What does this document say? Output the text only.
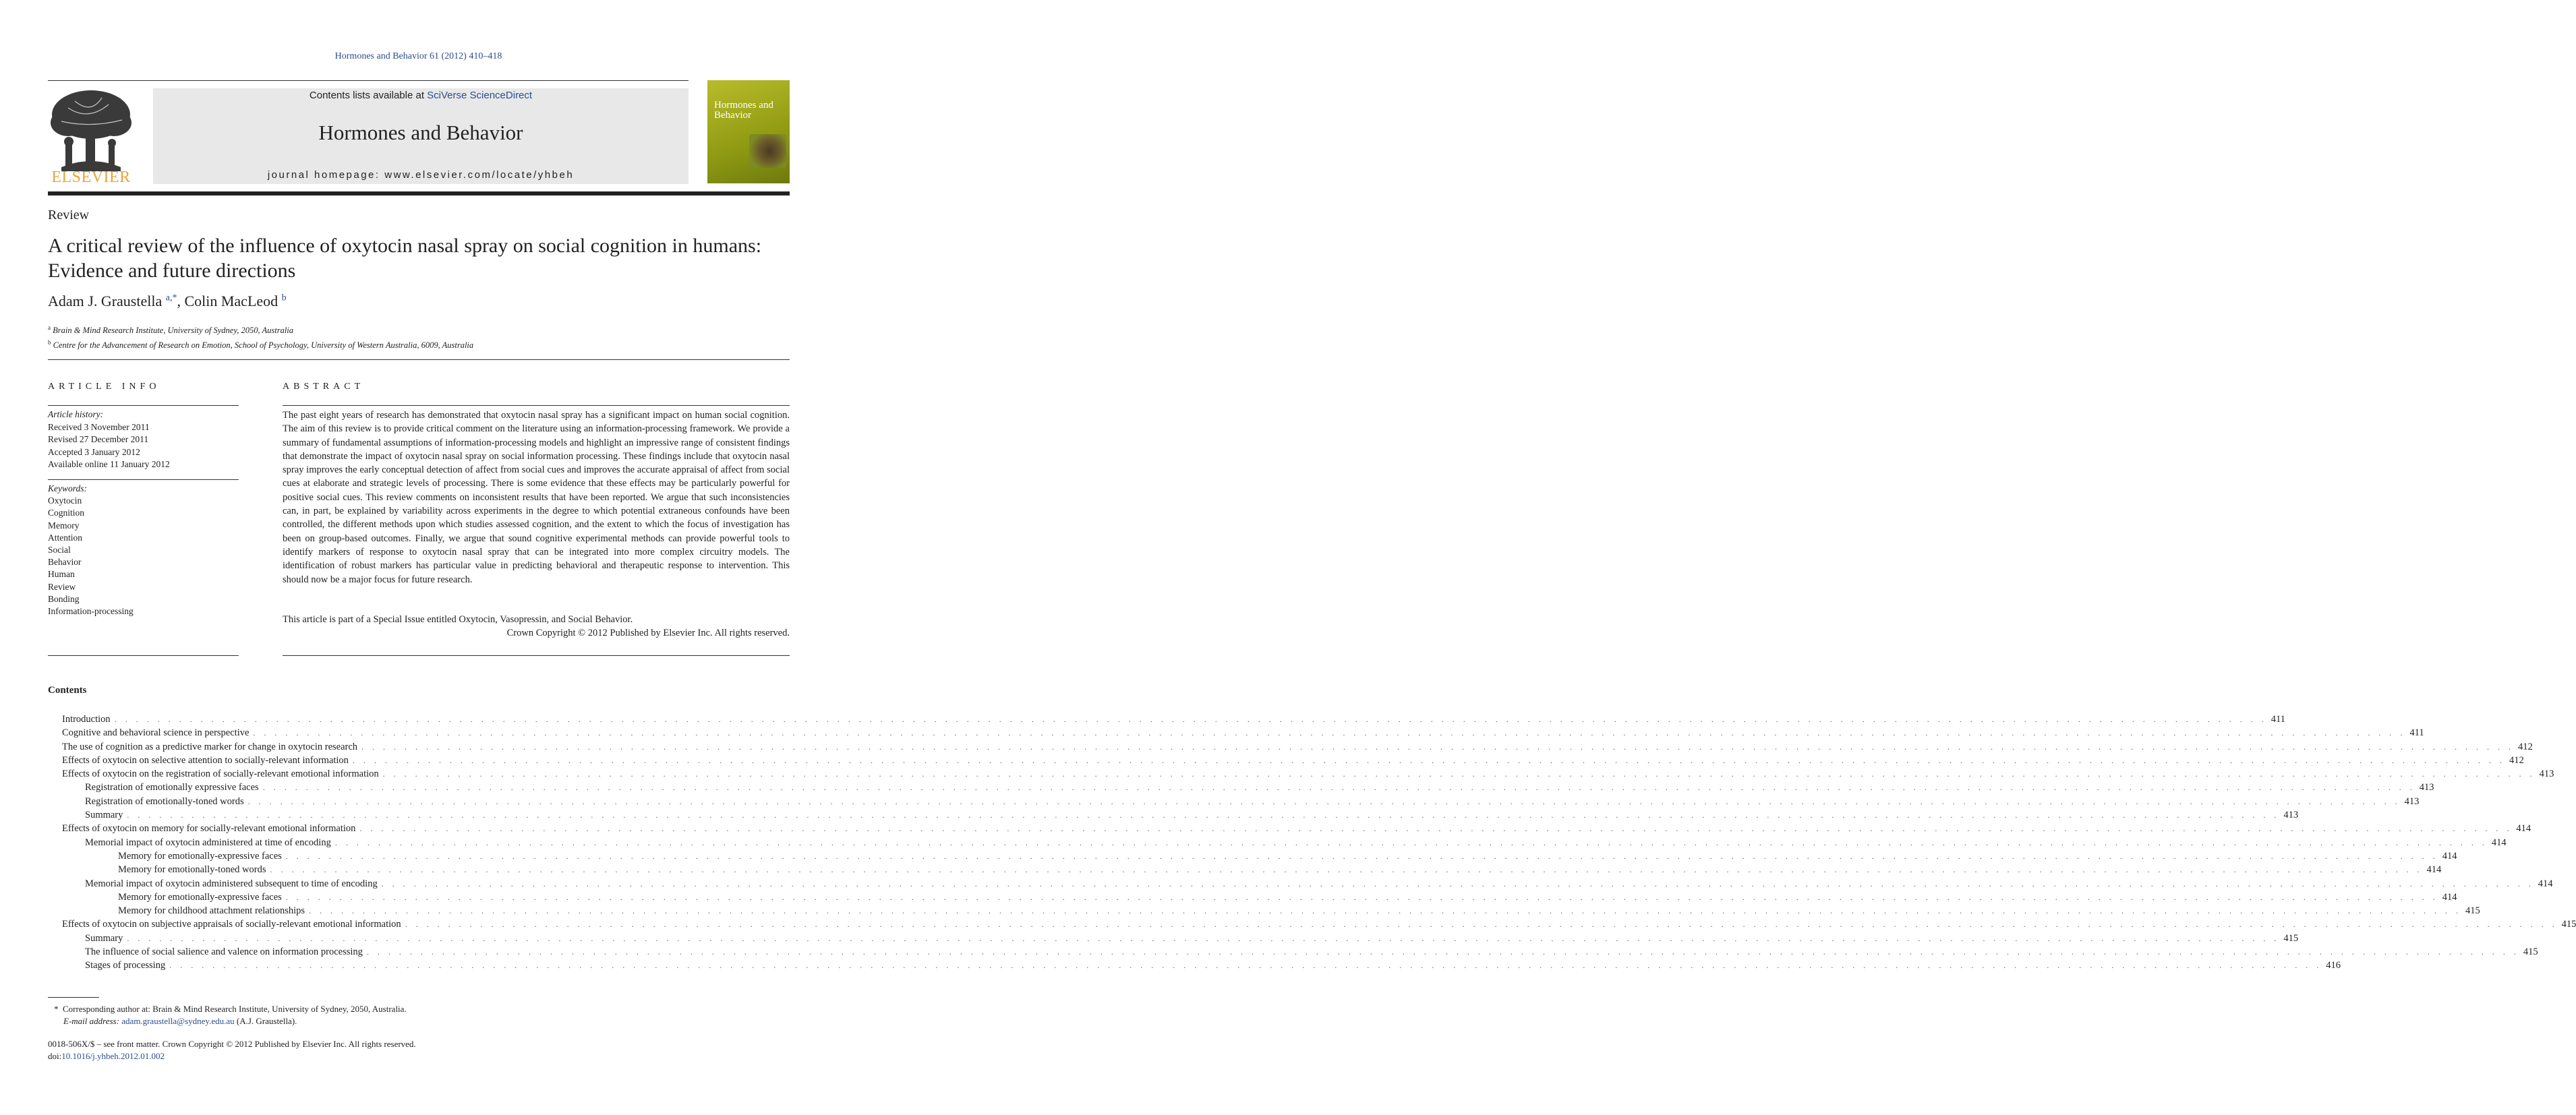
Hormones and Behavior 61 (2012) 410–418
ELSEVIER
Contents lists available at SciVerse ScienceDirect
Hormones and Behavior
journal homepage: www.elsevier.com/locate/yhbeh
Hormones and Behavior
Review
A critical review of the influence of oxytocin nasal spray on social cognition in humans: Evidence and future directions
Adam J. Graustella $^{a,*}$, Colin MacLeod $^b$
$^a$ Brain & Mind Research Institute, University of Sydney, 2050, Australia
$^b$ Centre for the Advancement of Research on Emotion, School of Psychology, University of Western Australia, 6009, Australia
ARTICLE INFO
Article history:
Received 3 November 2011
Revised 27 December 2011
Accepted 3 January 2012
Available online 11 January 2012
Keywords:
Oxytocin
Cognition
Memory
Attention
Social
Behavior
Human
Review
Bonding
Information-processing
ABSTRACT
The past eight years of research has demonstrated that oxytocin nasal spray has a significant impact on human social cognition. The aim of this review is to provide critical comment on the literature using an information-processing framework. We provide a summary of fundamental assumptions of information-processing models and highlight an impressive range of consistent findings that demonstrate the impact of oxytocin nasal spray on social information processing. These findings include that oxytocin nasal spray improves the early conceptual detection of affect from social cues and improves the accurate appraisal of affect from social cues at elaborate and strategic levels of processing. There is some evidence that these effects may be particularly powerful for positive social cues. This review comments on inconsistent results that have been reported. We argue that such inconsistencies can, in part, be explained by variability across experiments in the degree to which potential extraneous confounds have been controlled, the different methods upon which studies assessed cognition, and the extent to which the focus of investigation has been on group-based outcomes. Finally, we argue that sound cognitive experimental methods can provide powerful tools to identify markers of response to oxytocin nasal spray that can be integrated into more complex circuitry models. The identification of robust markers has particular value in predicting behavioral and therapeutic response to intervention. This should now be a major focus for future research.
This article is part of a Special Issue entitled Oxytocin, Vasopressin, and Social Behavior.
Crown Copyright © 2012 Published by Elsevier Inc. All rights reserved.
Contents
Introduction . . . . . . . . . . . . . . . . . . . . . . . . . . . . . . . . . . . . . . . . . . . . . . . . . . . . . . . . . . . . . . . . . . . . . . . . . . . . . . . . . . . . . . . . . . . . . . . . . . . . . . . . . . . . . . . . . . . . . . . . . . . . . . . . . . . . . . . . . . . . . . . . . . . . . . . . . . . . . . . . . . . . . . . . . . . . . . . . . . . . . . . . . . . . . . . . . . . . . . . . 411
Cognitive and behavioral science in perspective . . . . . . . . . . . . . . . . . . . . . . . . . . . . . . . . . . . . . . . . . . . . . . . . . . . . . . . . . . . . . . . . . . . . . . . . . . . . . . . . . . . . . . . . . . . . . . . . . . . . . . . . . . . . . . . . . . . . . . . . . . . . . . . . . . . . . . . . . . . . . . . . . . . . . . . . . . . . . . . . . . . . . . . . . . . . . . . . . . . . . . . . . . . . . . . . . . . . . . . . 411
The use of cognition as a predictive marker for change in oxytocin research . . . . . . . . . . . . . . . . . . . . . . . . . . . . . . . . . . . . . . . . . . . . . . . . . . . . . . . . . . . . . . . . . . . . . . . . . . . . . . . . . . . . . . . . . . . . . . . . . . . . . . . . . . . . . . . . . . . . . . . . . . . . . . . . . . . . . . . . . . . . . . . . . . . . . . . . . . . . . . . . . . . . . . . . . . . . . . . . . . . . . . . . . . . . . . . . . . . . . . . . 412
Effects of oxytocin on selective attention to socially-relevant information . . . . . . . . . . . . . . . . . . . . . . . . . . . . . . . . . . . . . . . . . . . . . . . . . . . . . . . . . . . . . . . . . . . . . . . . . . . . . . . . . . . . . . . . . . . . . . . . . . . . . . . . . . . . . . . . . . . . . . . . . . . . . . . . . . . . . . . . . . . . . . . . . . . . . . . . . . . . . . . . . . . . . . . . . . . . . . . . . . . . . . . . . . . . . . . . . . . . . . . . 412
Effects of oxytocin on the registration of socially-relevant emotional information . . . . . . . . . . . . . . . . . . . . . . . . . . . . . . . . . . . . . . . . . . . . . . . . . . . . . . . . . . . . . . . . . . . . . . . . . . . . . . . . . . . . . . . . . . . . . . . . . . . . . . . . . . . . . . . . . . . . . . . . . . . . . . . . . . . . . . . . . . . . . . . . . . . . . . . . . . . . . . . . . . . . . . . . . . . . . . . . . . . . . . . . . . . . . . . . . . . . . . . . 413
Registration of emotionally expressive faces . . . . . . . . . . . . . . . . . . . . . . . . . . . . . . . . . . . . . . . . . . . . . . . . . . . . . . . . . . . . . . . . . . . . . . . . . . . . . . . . . . . . . . . . . . . . . . . . . . . . . . . . . . . . . . . . . . . . . . . . . . . . . . . . . . . . . . . . . . . . . . . . . . . . . . . . . . . . . . . . . . . . . . . . . . . . . . . . . . . . . . . . . . . . . . . . . . . . . . . . 413
Registration of emotionally-toned words . . . . . . . . . . . . . . . . . . . . . . . . . . . . . . . . . . . . . . . . . . . . . . . . . . . . . . . . . . . . . . . . . . . . . . . . . . . . . . . . . . . . . . . . . . . . . . . . . . . . . . . . . . . . . . . . . . . . . . . . . . . . . . . . . . . . . . . . . . . . . . . . . . . . . . . . . . . . . . . . . . . . . . . . . . . . . . . . . . . . . . . . . . . . . . . . . . . . . . . . 413
Summary . . . . . . . . . . . . . . . . . . . . . . . . . . . . . . . . . . . . . . . . . . . . . . . . . . . . . . . . . . . . . . . . . . . . . . . . . . . . . . . . . . . . . . . . . . . . . . . . . . . . . . . . . . . . . . . . . . . . . . . . . . . . . . . . . . . . . . . . . . . . . . . . . . . . . . . . . . . . . . . . . . . . . . . . . . . . . . . . . . . . . . . . . . . . . . . . . . . . . . . . 413
Effects of oxytocin on memory for socially-relevant emotional information . . . . . . . . . . . . . . . . . . . . . . . . . . . . . . . . . . . . . . . . . . . . . . . . . . . . . . . . . . . . . . . . . . . . . . . . . . . . . . . . . . . . . . . . . . . . . . . . . . . . . . . . . . . . . . . . . . . . . . . . . . . . . . . . . . . . . . . . . . . . . . . . . . . . . . . . . . . . . . . . . . . . . . . . . . . . . . . . . . . . . . . . . . . . . . . . . . . . . . . . 414
Memorial impact of oxytocin administered at time of encoding . . . . . . . . . . . . . . . . . . . . . . . . . . . . . . . . . . . . . . . . . . . . . . . . . . . . . . . . . . . . . . . . . . . . . . . . . . . . . . . . . . . . . . . . . . . . . . . . . . . . . . . . . . . . . . . . . . . . . . . . . . . . . . . . . . . . . . . . . . . . . . . . . . . . . . . . . . . . . . . . . . . . . . . . . . . . . . . . . . . . . . . . . . . . . . . . . . . . . . . . 414
Memory for emotionally-expressive faces . . . . . . . . . . . . . . . . . . . . . . . . . . . . . . . . . . . . . . . . . . . . . . . . . . . . . . . . . . . . . . . . . . . . . . . . . . . . . . . . . . . . . . . . . . . . . . . . . . . . . . . . . . . . . . . . . . . . . . . . . . . . . . . . . . . . . . . . . . . . . . . . . . . . . . . . . . . . . . . . . . . . . . . . . . . . . . . . . . . . . . . . . . . . . . . . . . . . . . . . 414
Memory for emotionally-toned words . . . . . . . . . . . . . . . . . . . . . . . . . . . . . . . . . . . . . . . . . . . . . . . . . . . . . . . . . . . . . . . . . . . . . . . . . . . . . . . . . . . . . . . . . . . . . . . . . . . . . . . . . . . . . . . . . . . . . . . . . . . . . . . . . . . . . . . . . . . . . . . . . . . . . . . . . . . . . . . . . . . . . . . . . . . . . . . . . . . . . . . . . . . . . . . . . . . . . . . . 414
Memorial impact of oxytocin administered subsequent to time of encoding . . . . . . . . . . . . . . . . . . . . . . . . . . . . . . . . . . . . . . . . . . . . . . . . . . . . . . . . . . . . . . . . . . . . . . . . . . . . . . . . . . . . . . . . . . . . . . . . . . . . . . . . . . . . . . . . . . . . . . . . . . . . . . . . . . . . . . . . . . . . . . . . . . . . . . . . . . . . . . . . . . . . . . . . . . . . . . . . . . . . . . . . . . . . . . . . . . . . . . . . 414
Memory for emotionally-expressive faces . . . . . . . . . . . . . . . . . . . . . . . . . . . . . . . . . . . . . . . . . . . . . . . . . . . . . . . . . . . . . . . . . . . . . . . . . . . . . . . . . . . . . . . . . . . . . . . . . . . . . . . . . . . . . . . . . . . . . . . . . . . . . . . . . . . . . . . . . . . . . . . . . . . . . . . . . . . . . . . . . . . . . . . . . . . . . . . . . . . . . . . . . . . . . . . . . . . . . . . . 414
Memory for childhood attachment relationships . . . . . . . . . . . . . . . . . . . . . . . . . . . . . . . . . . . . . . . . . . . . . . . . . . . . . . . . . . . . . . . . . . . . . . . . . . . . . . . . . . . . . . . . . . . . . . . . . . . . . . . . . . . . . . . . . . . . . . . . . . . . . . . . . . . . . . . . . . . . . . . . . . . . . . . . . . . . . . . . . . . . . . . . . . . . . . . . . . . . . . . . . . . . . . . . . . . . . . . . 415
Effects of oxytocin on subjective appraisals of socially-relevant emotional information . . . . . . . . . . . . . . . . . . . . . . . . . . . . . . . . . . . . . . . . . . . . . . . . . . . . . . . . . . . . . . . . . . . . . . . . . . . . . . . . . . . . . . . . . . . . . . . . . . . . . . . . . . . . . . . . . . . . . . . . . . . . . . . . . . . . . . . . . . . . . . . . . . . . . . . . . . . . . . . . . . . . . . . . . . . . . . . . . . . . . . . . . . . . . . . . . . . . . . . . 415
Summary . . . . . . . . . . . . . . . . . . . . . . . . . . . . . . . . . . . . . . . . . . . . . . . . . . . . . . . . . . . . . . . . . . . . . . . . . . . . . . . . . . . . . . . . . . . . . . . . . . . . . . . . . . . . . . . . . . . . . . . . . . . . . . . . . . . . . . . . . . . . . . . . . . . . . . . . . . . . . . . . . . . . . . . . . . . . . . . . . . . . . . . . . . . . . . . . . . . . . . . . 415
The influence of social salience and valence on information processing . . . . . . . . . . . . . . . . . . . . . . . . . . . . . . . . . . . . . . . . . . . . . . . . . . . . . . . . . . . . . . . . . . . . . . . . . . . . . . . . . . . . . . . . . . . . . . . . . . . . . . . . . . . . . . . . . . . . . . . . . . . . . . . . . . . . . . . . . . . . . . . . . . . . . . . . . . . . . . . . . . . . . . . . . . . . . . . . . . . . . . . . . . . . . . . . . . . . . . . . 415
Stages of processing . . . . . . . . . . . . . . . . . . . . . . . . . . . . . . . . . . . . . . . . . . . . . . . . . . . . . . . . . . . . . . . . . . . . . . . . . . . . . . . . . . . . . . . . . . . . . . . . . . . . . . . . . . . . . . . . . . . . . . . . . . . . . . . . . . . . . . . . . . . . . . . . . . . . . . . . . . . . . . . . . . . . . . . . . . . . . . . . . . . . . . . . . . . . . . . . . . . . . . . . 416
* Corresponding author at: Brain & Mind Research Institute, University of Sydney, 2050, Australia.
E-mail address: adam.graustella@sydney.edu.au (A.J. Graustella).
0018-506X/$ – see front matter. Crown Copyright © 2012 Published by Elsevier Inc. All rights reserved.
doi:10.1016/j.yhbeh.2012.01.002
